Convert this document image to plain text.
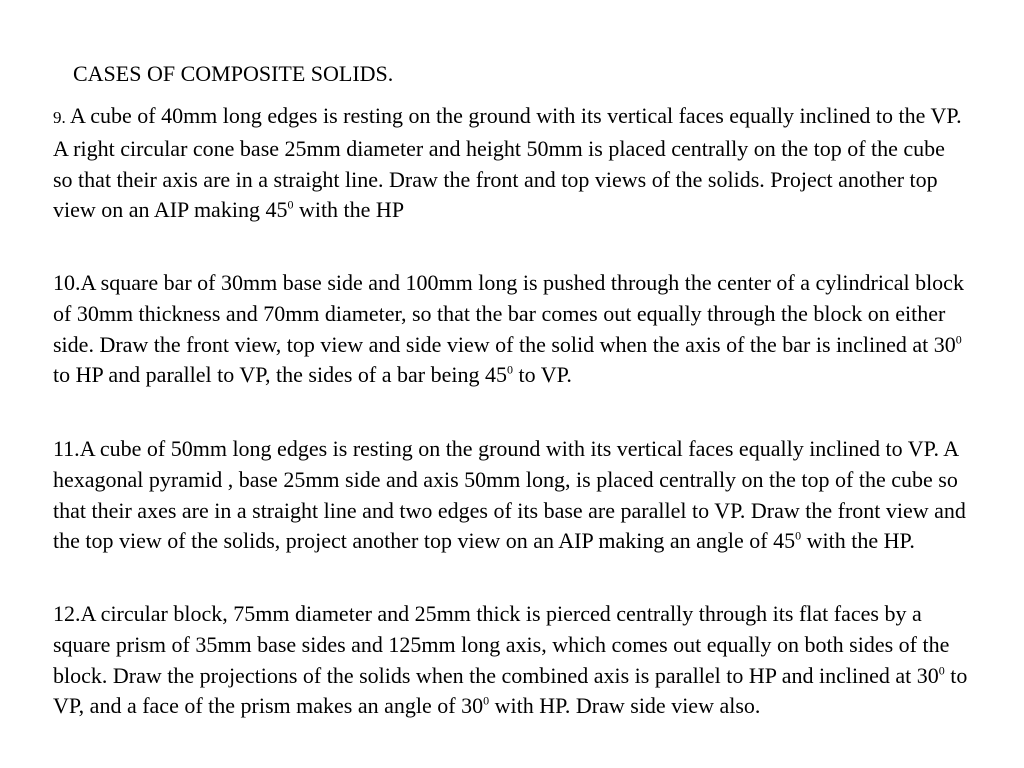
CASES OF COMPOSITE SOLIDS.

9. A cube of 40mm long edges is resting on the ground with its vertical faces equally inclined to the VP. A right circular cone base 25mm diameter and height 50mm is placed centrally on the top of the cube so that their axis are in a straight line. Draw the front and top views of the solids. Project another top view on an AIP making $45^0$ with the HP

10.A square bar of 30mm base side and 100mm long is pushed through the center of a cylindrical block of 30mm thickness and 70mm diameter, so that the bar comes out equally through the block on either side. Draw the front view, top view and side view of the solid when the axis of the bar is inclined at $30^0$ to HP and parallel to VP, the sides of a bar being $45^0$ to VP.

11.A cube of 50mm long edges is resting on the ground with its vertical faces equally inclined to VP. A hexagonal pyramid , base 25mm side and axis 50mm long, is placed centrally on the top of the cube so that their axes are in a straight line and two edges of its base are parallel to VP. Draw the front view and the top view of the solids, project another top view on an AIP making an angle of $45^0$ with the HP.

12.A circular block, 75mm diameter and 25mm thick is pierced centrally through its flat faces by a square prism of 35mm base sides and 125mm long axis, which comes out equally on both sides of the block. Draw the projections of the solids when the combined axis is parallel to HP and inclined at $30^0$ to VP, and a face of the prism makes an angle of $30^0$ with HP. Draw side view also.
